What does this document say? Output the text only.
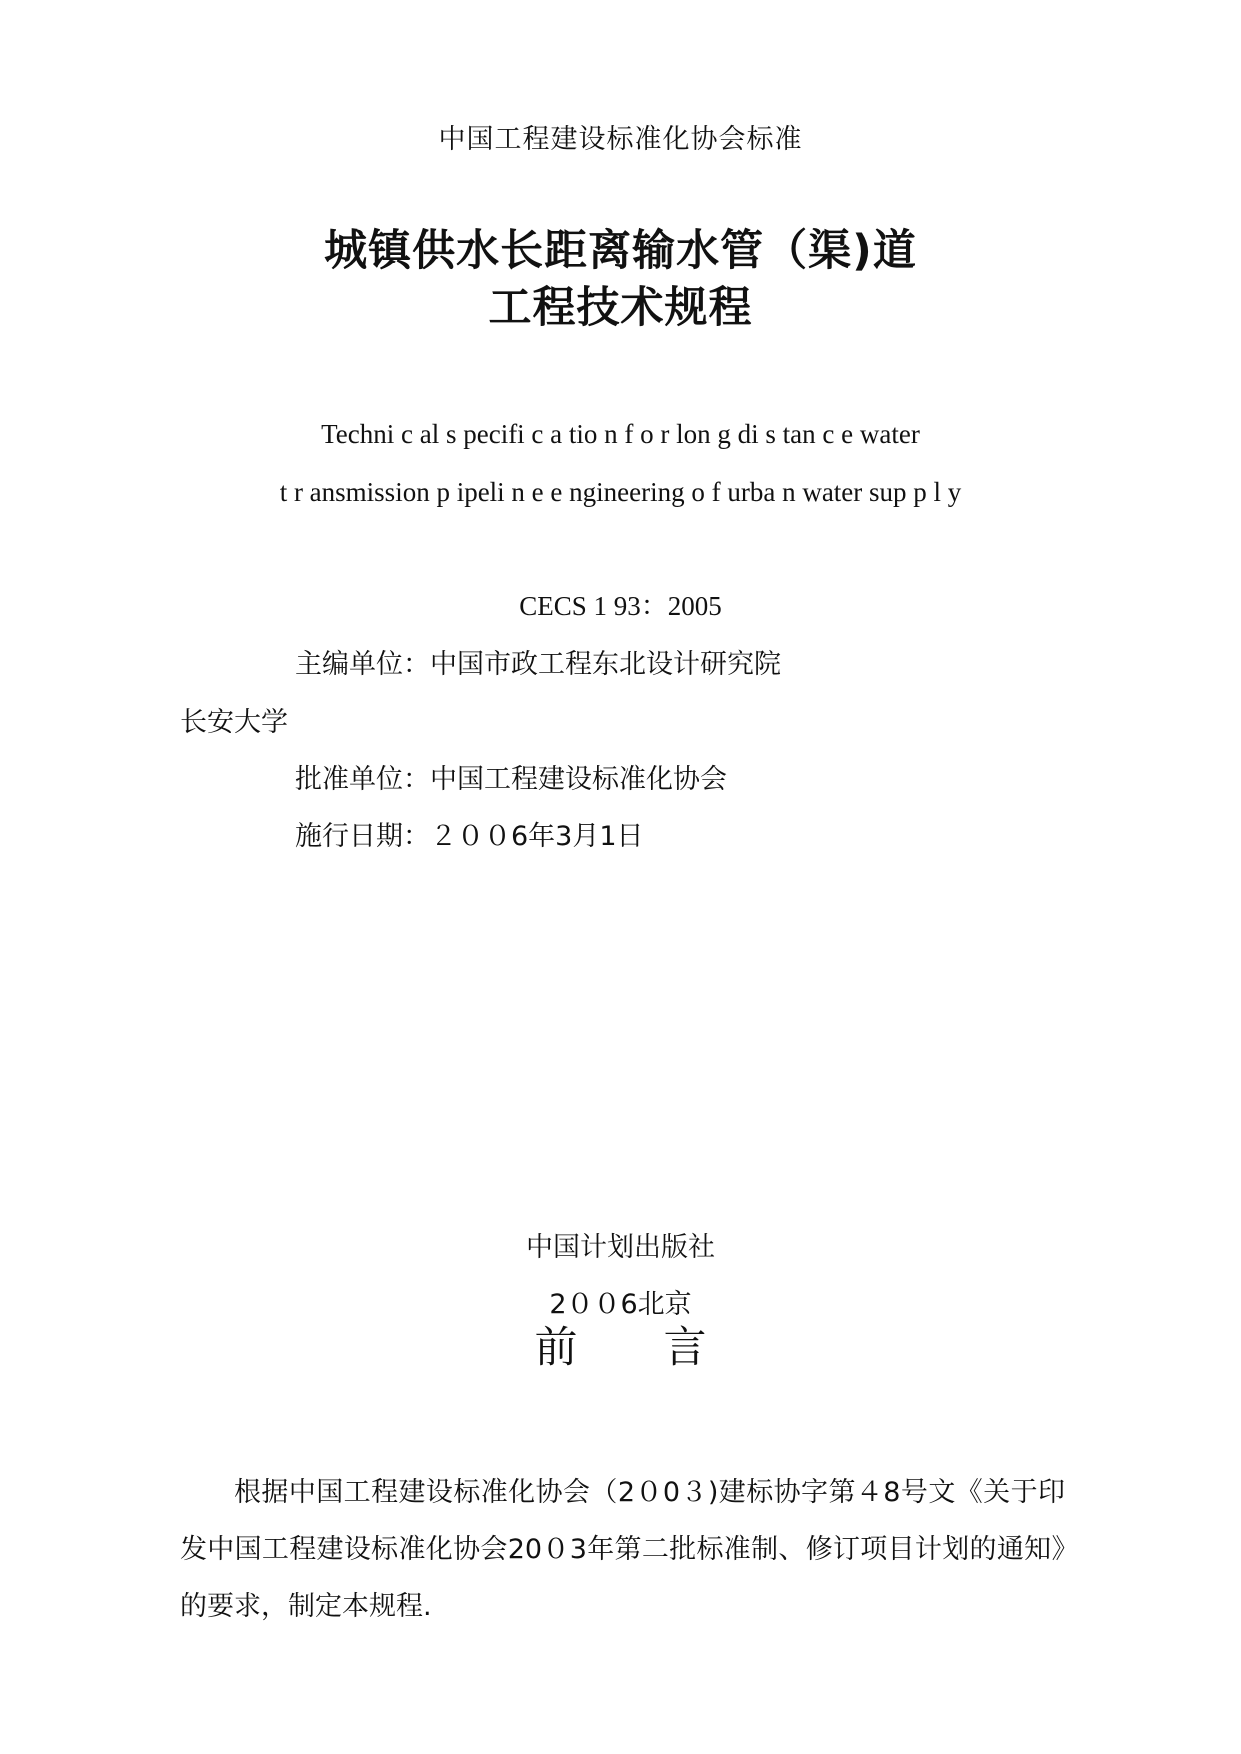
中国工程建设标准化协会标准
城镇供水长距离输水管（渠)道
工程技术规程
Techni c al s pecifi c a tio n f o r lon g di s tan c e water
t r ansmission p ipeli n e e ngineering o f urba n water sup p l y
CECS 1 93：2005
主编单位：中国市政工程东北设计研究院
长安大学
批准单位：中国工程建设标准化协会
施行日期：２００6年3月1日
中国计划出版社
2００6北京
前　　言
根据中国工程建设标准化协会（2０0３)建标协字第４8号文《关于印发中国工程建设标准化协会20０3年第二批标准制、修订项目计划的通知》的要求，制定本规程.
